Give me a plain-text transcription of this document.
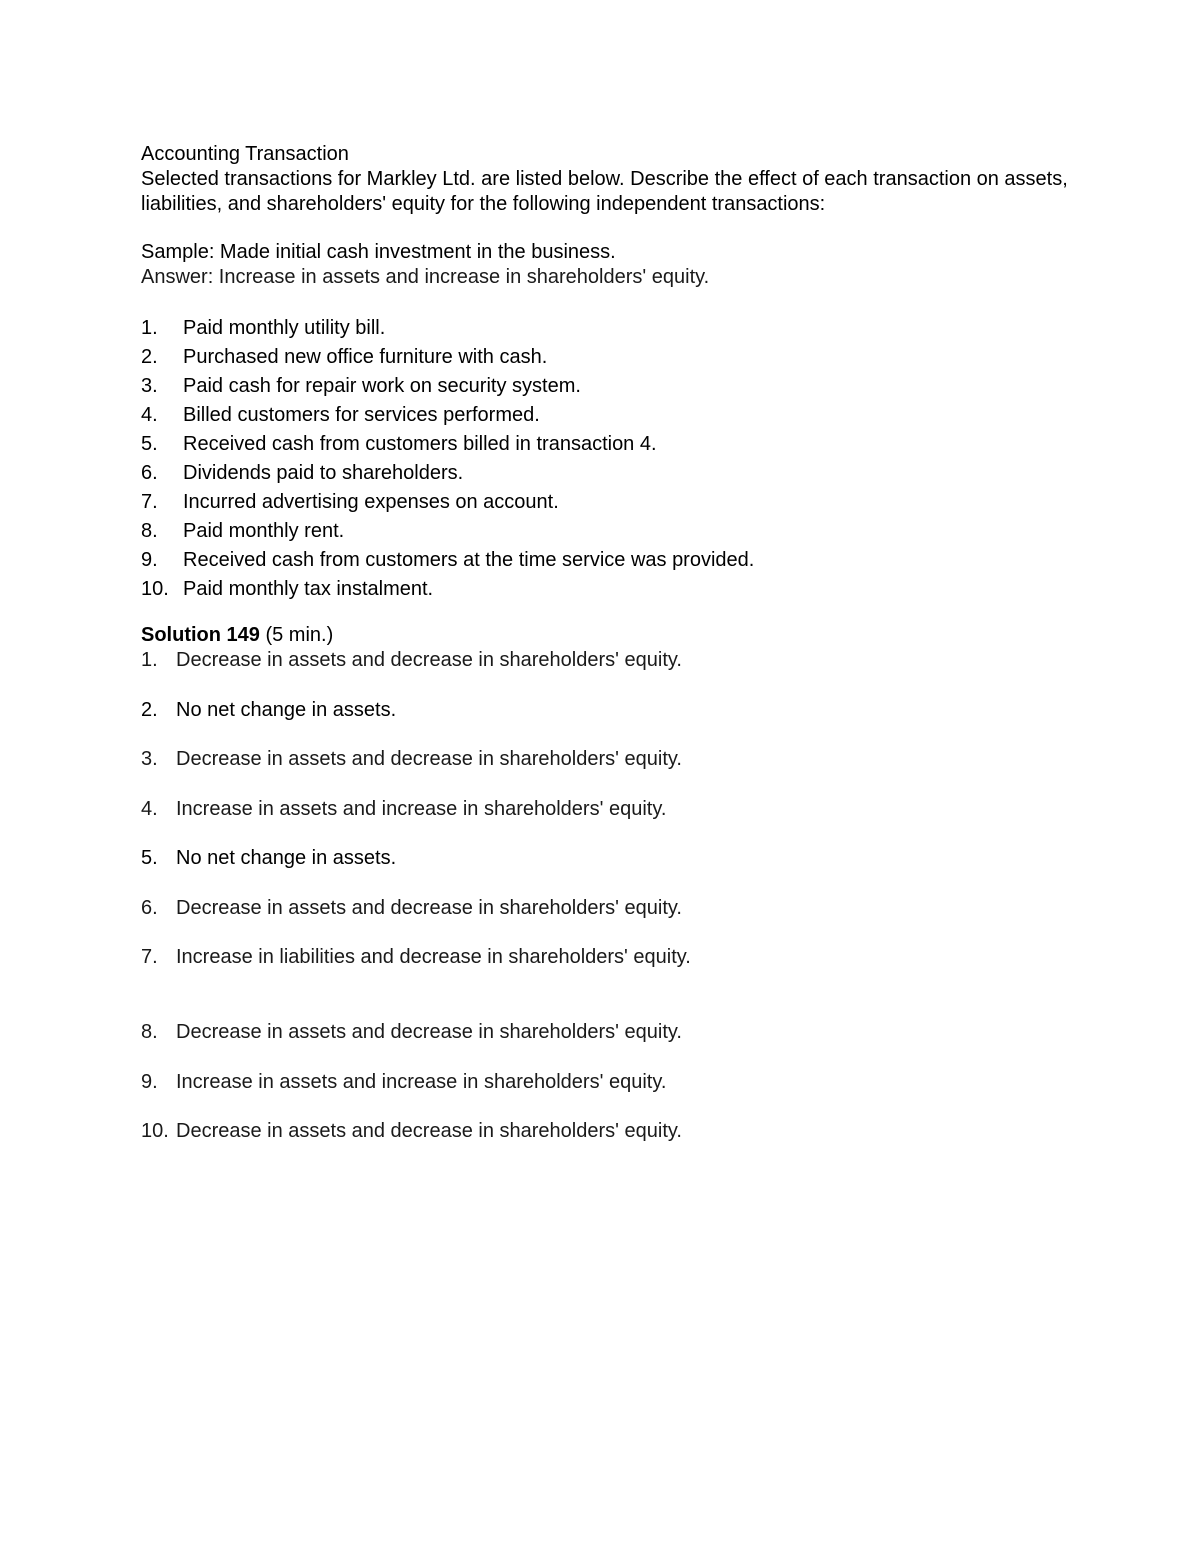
Accounting Transaction
Selected transactions for Markley Ltd. are listed below. Describe the effect of each transaction on assets, liabilities, and shareholders' equity for the following independent transactions:
Sample: Made initial cash investment in the business.
Answer: Increase in assets and increase in shareholders' equity.
1.	Paid monthly utility bill.
2.	Purchased new office furniture with cash.
3.	Paid cash for repair work on security system.
4.	Billed customers for services performed.
5.	Received cash from customers billed in transaction 4.
6.	Dividends paid to shareholders.
7.	Incurred advertising expenses on account.
8.	Paid monthly rent.
9.	Received cash from customers at the time service was provided.
10. Paid monthly tax instalment.
Solution 149 (5 min.)
1. Decrease in assets and decrease in shareholders' equity.
2. No net change in assets.
3. Decrease in assets and decrease in shareholders' equity.
4. Increase in assets and increase in shareholders' equity.
5. No net change in assets.
6. Decrease in assets and decrease in shareholders' equity.
7. Increase in liabilities and decrease in shareholders' equity.
8. Decrease in assets and decrease in shareholders' equity.
9. Increase in assets and increase in shareholders' equity.
10. Decrease in assets and decrease in shareholders' equity.
